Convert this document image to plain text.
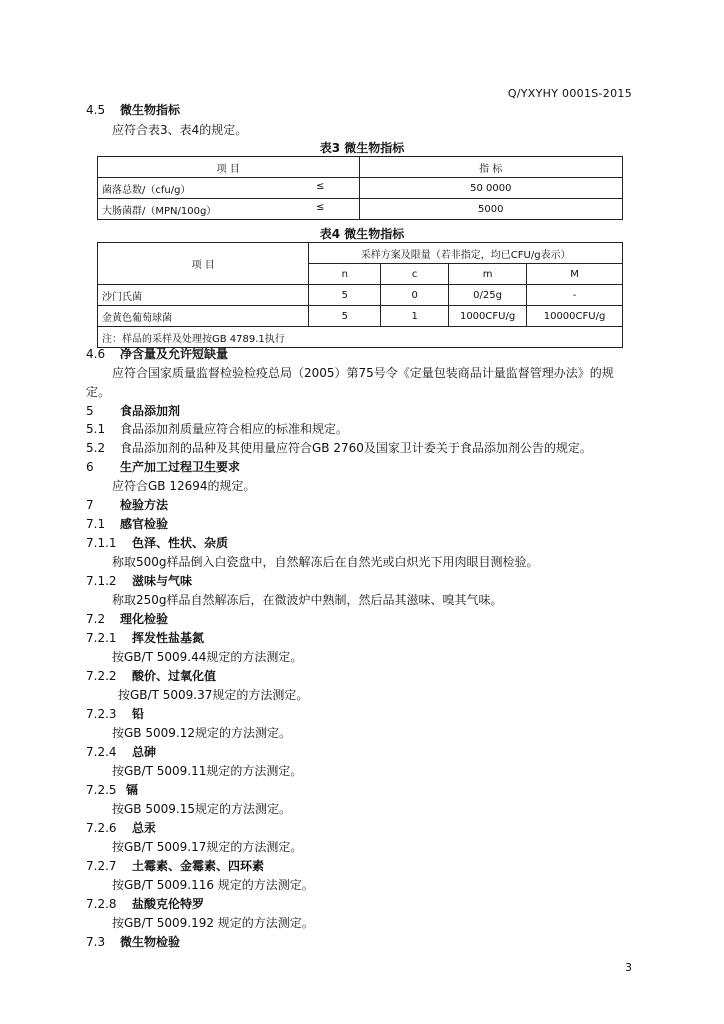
Q/YXYHY 0001S-2015
4.5 微生物指标
应符合表3、表4的规定。
表3 微生物指标
项 目	指 标
菌落总数/（cfu/g） ≤	50 0000
大肠菌群/（MPN/100g） ≤	5000
表4 微生物指标
项 目	采样方案及限量（若非指定，均已CFU/g表示）			
	n	c	m	M
沙门氏菌	5	0	0/25g	-
金黄色葡萄球菌	5	1	1000CFU/g	10000CFU/g
注：样品的采样及处理按GB 4789.1执行				
4.6 净含量及允许短缺量
应符合国家质量监督检验检疫总局（2005）第75号令《定量包装商品计量监督管理办法》的规
定。
5 食品添加剂
5.1 食品添加剂质量应符合相应的标准和规定。
5.2 食品添加剂的品种及其使用量应符合GB 2760及国家卫计委关于食品添加剂公告的规定。
6 生产加工过程卫生要求
应符合GB 12694的规定。
7 检验方法
7.1 感官检验
7.1.1 色泽、性状、杂质
称取500g样品倒入白瓷盘中，自然解冻后在自然光或白炽光下用肉眼目测检验。
7.1.2 滋味与气味
称取250g样品自然解冻后，在微波炉中熟制，然后品其滋味、嗅其气味。
7.2 理化检验
7.2.1 挥发性盐基氮
按GB/T 5009.44规定的方法测定。
7.2.2 酸价、过氧化值
按GB/T 5009.37规定的方法测定。
7.2.3 铅
按GB 5009.12规定的方法测定。
7.2.4 总砷
按GB/T 5009.11规定的方法测定。
7.2.5 镉
按GB 5009.15规定的方法测定。
7.2.6 总汞
按GB/T 5009.17规定的方法测定。
7.2.7 土霉素、金霉素、四环素
按GB/T 5009.116 规定的方法测定。
7.2.8 盐酸克伦特罗
按GB/T 5009.192 规定的方法测定。
7.3 微生物检验
3
